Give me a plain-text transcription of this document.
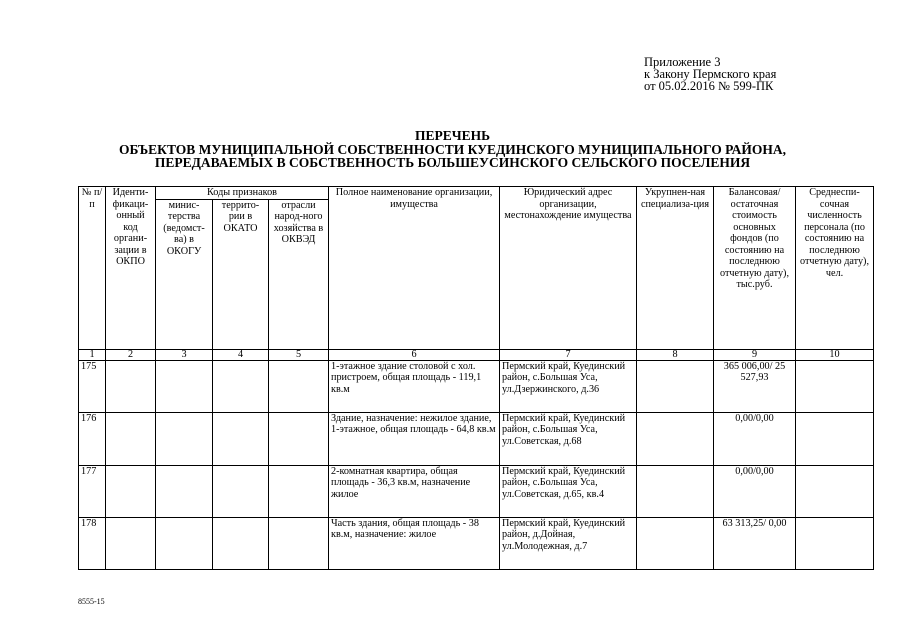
Приложение 3
к Закону Пермского края
от 05.02.2016 № 599-ПК
ПЕРЕЧЕНЬ
ОБЪЕКТОВ МУНИЦИПАЛЬНОЙ СОБСТВЕННОСТИ КУЕДИНСКОГО МУНИЦИПАЛЬНОГО РАЙОНА,
ПЕРЕДАВАЕМЫХ В СОБСТВЕННОСТЬ БОЛЬШЕУСИНСКОГО СЕЛЬСКОГО ПОСЕЛЕНИЯ
№ п/п	Иденти-фикаци-онный код органи-зации в ОКПО	Коды признаков			Полное наименование организации, имущества	Юридический адрес организации, местонахождение имущества	Укрупнен-ная специализа-ция	Балансовая/ остаточная стоимость основных фондов (по состоянию на последнюю отчетную дату), тыс.руб.	Среднеспи-сочная численность персонала (по состоянию на последнюю отчетную дату), чел.
		минис-терства (ведомст-ва) в ОКОГУ	террито-рии в ОКАТО	отрасли народ-ного хозяйства в ОКВЭД					
1	2	3	4	5	6	7	8	9	10
175					1-этажное здание столовой с хол. пристроем, общая площадь - 119,1 кв.м	Пермский край, Куединский район, с.Большая Уса, ул.Дзержинского, д.36		365 006,00/ 25 527,93	
176					Здание, назначение: нежилое здание, 1-этажное, общая площадь - 64,8 кв.м	Пермский край, Куединский район, с.Большая Уса, ул.Советская, д.68		0,00/0,00	
177					2-комнатная квартира, общая площадь - 36,3 кв.м, назначение жилое	Пермский край, Куединский район, с.Большая Уса, ул.Советская, д.65, кв.4		0,00/0,00	
178					Часть здания, общая площадь - 38 кв.м, назначение: жилое	Пермский край, Куединский район, д.Дойная, ул.Молодежная, д.7		63 313,25/ 0,00	
8555-15
